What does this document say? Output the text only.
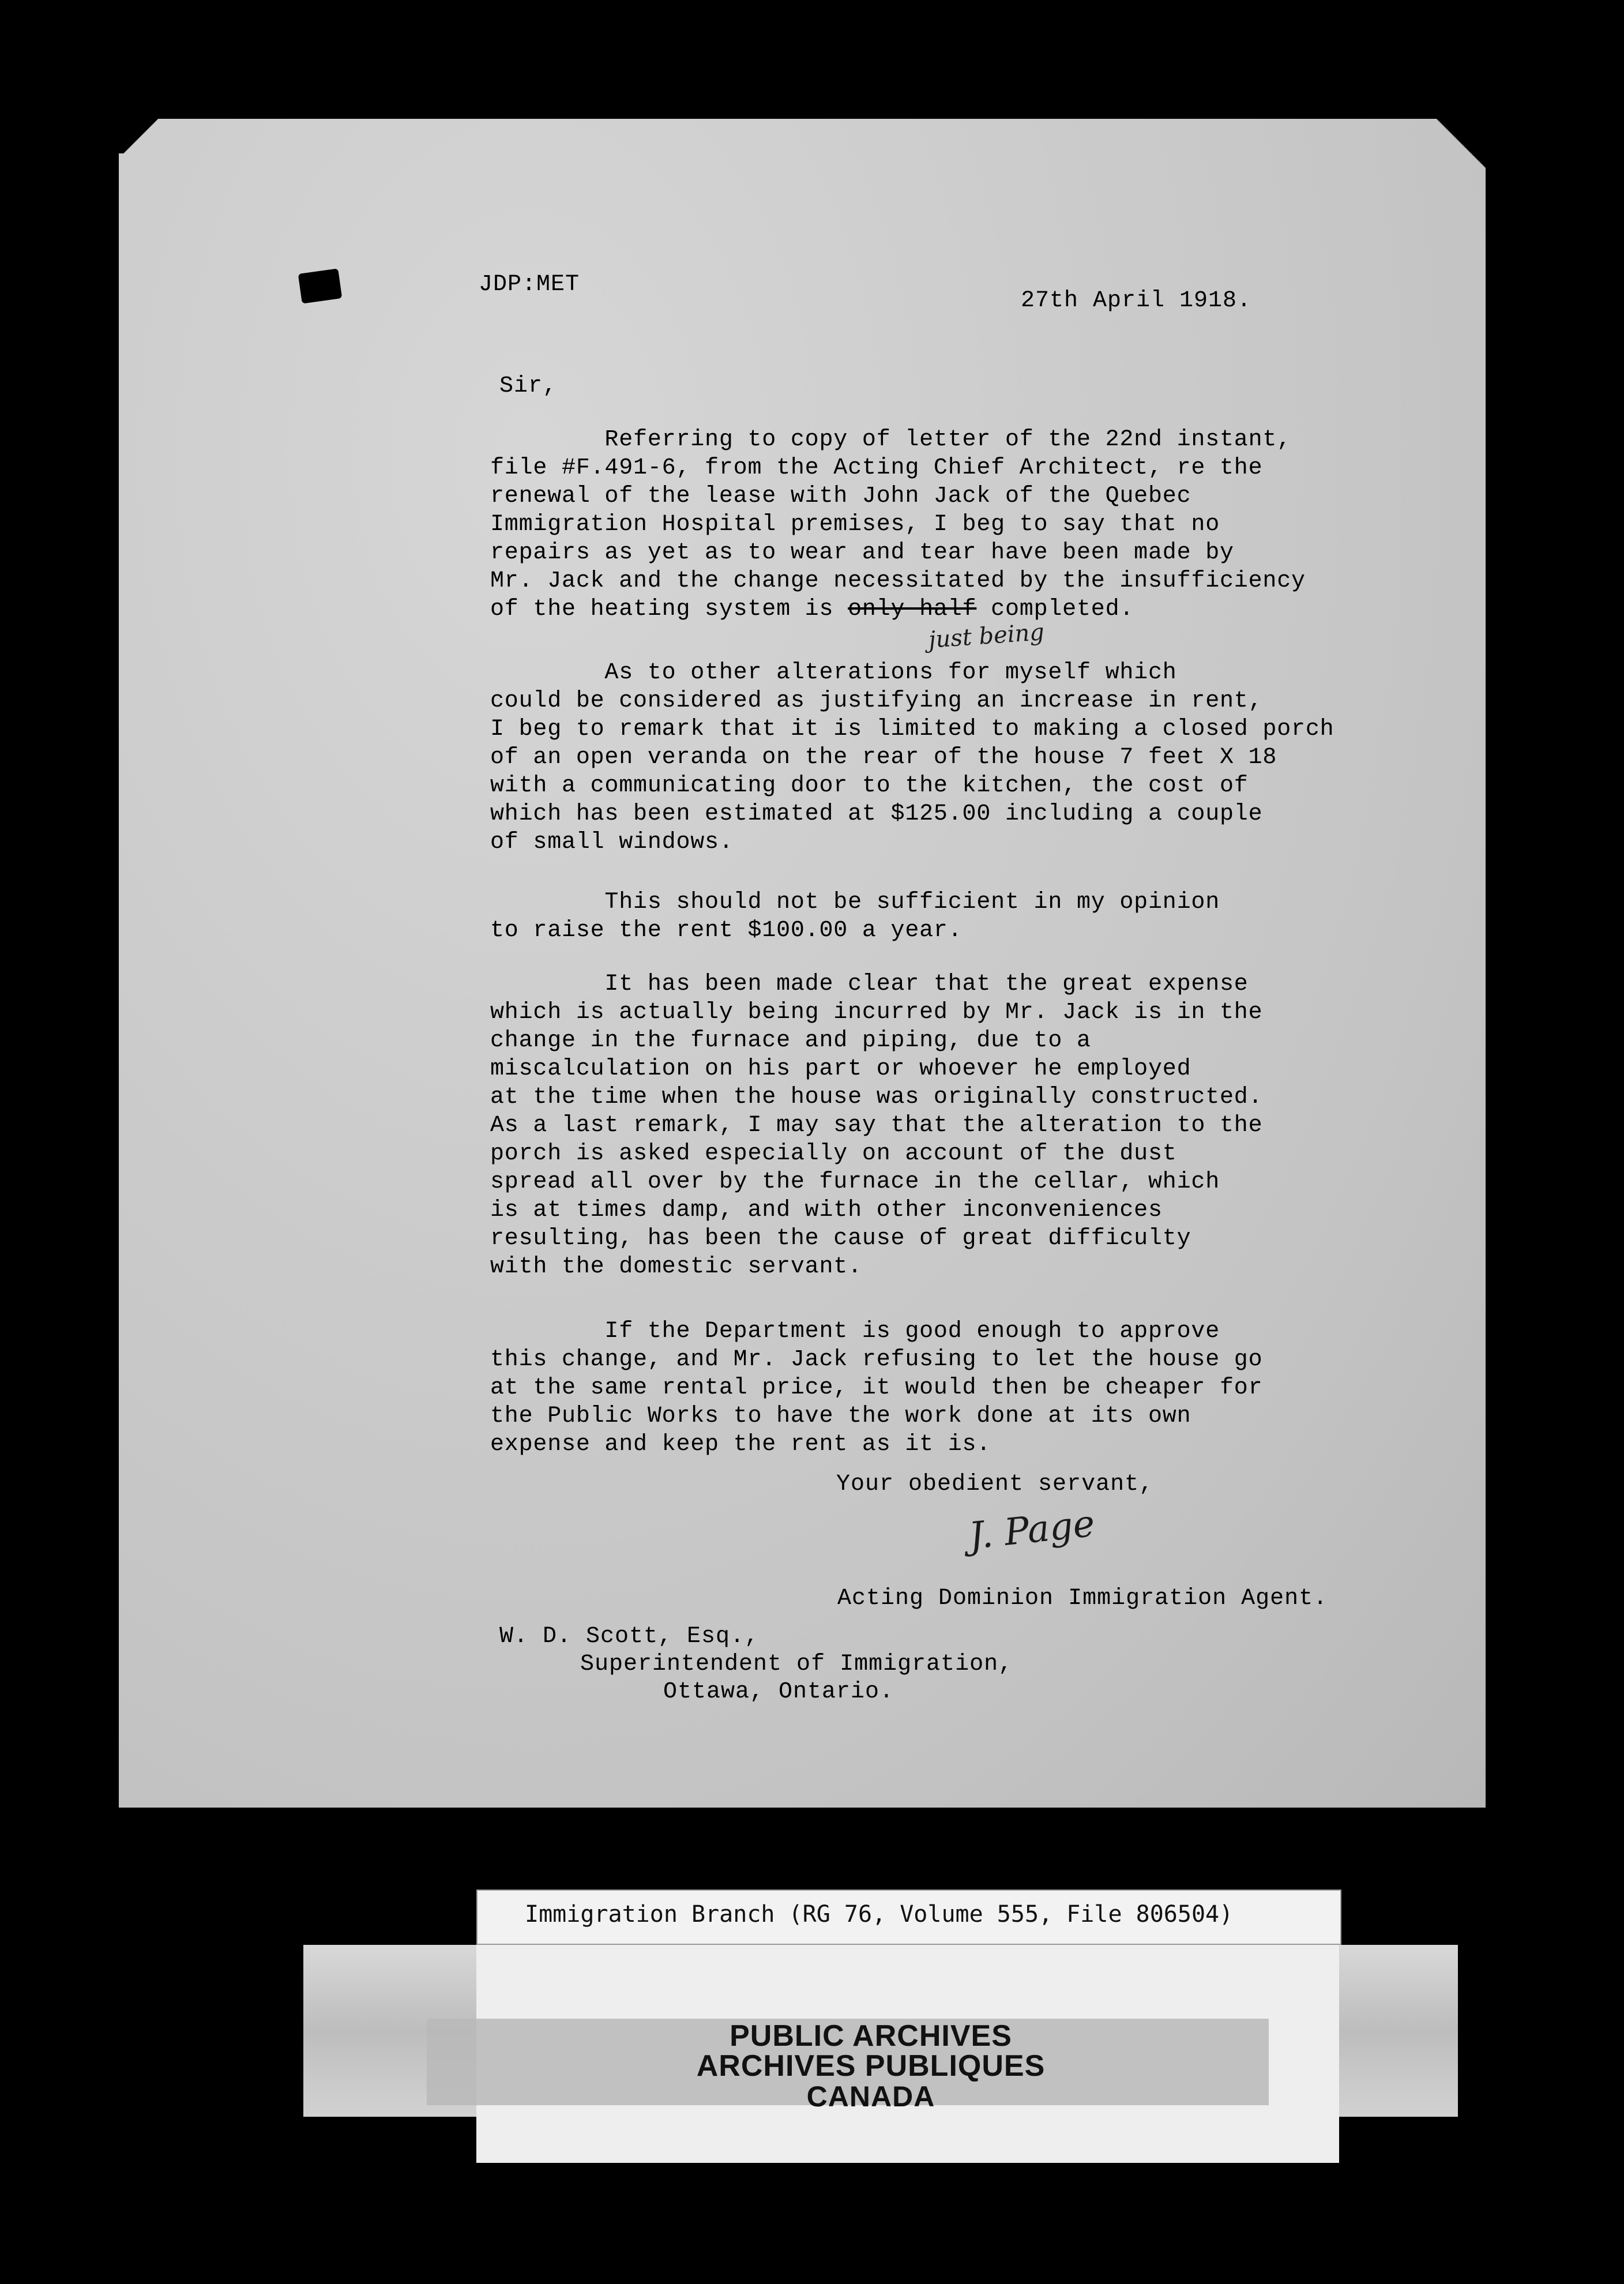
JDP:MET
27th April 1918.
Sir,
Referring to copy of letter of the 22nd instant,
file #F.491-6, from the Acting Chief Architect, re the
renewal of the lease with John Jack of the Quebec
Immigration Hospital premises, I beg to say that no
repairs as yet as to wear and tear have been made by
Mr. Jack and the change necessitated by the insufficiency
of the heating system is only half completed.
just being
As to other alterations for myself which
could be considered as justifying an increase in rent,
I beg to remark that it is limited to making a closed porch
of an open veranda on the rear of the house 7 feet X 18
with a communicating door to the kitchen, the cost of
which has been estimated at $125.00 including a couple
of small windows.
This should not be sufficient in my opinion
to raise the rent $100.00 a year.
It has been made clear that the great expense
which is actually being incurred by Mr. Jack is in the
change in the furnace and piping, due to a
miscalculation on his part or whoever he employed
at the time when the house was originally constructed.
As a last remark, I may say that the alteration to the
porch is asked especially on account of the dust
spread all over by the furnace in the cellar, which
is at times damp, and with other inconveniences
resulting, has been the cause of great difficulty
with the domestic servant.
If the Department is good enough to approve
this change, and Mr. Jack refusing to let the house go
at the same rental price, it would then be cheaper for
the Public Works to have the work done at its own
expense and keep the rent as it is.
Your obedient servant,
J. Page
Acting Dominion Immigration Agent.
W. D. Scott, Esq.,
Superintendent of Immigration,
Ottawa, Ontario.
Immigration Branch (RG 76, Volume 555, File 806504)
PUBLIC ARCHIVES
ARCHIVES PUBLIQUES
CANADA
